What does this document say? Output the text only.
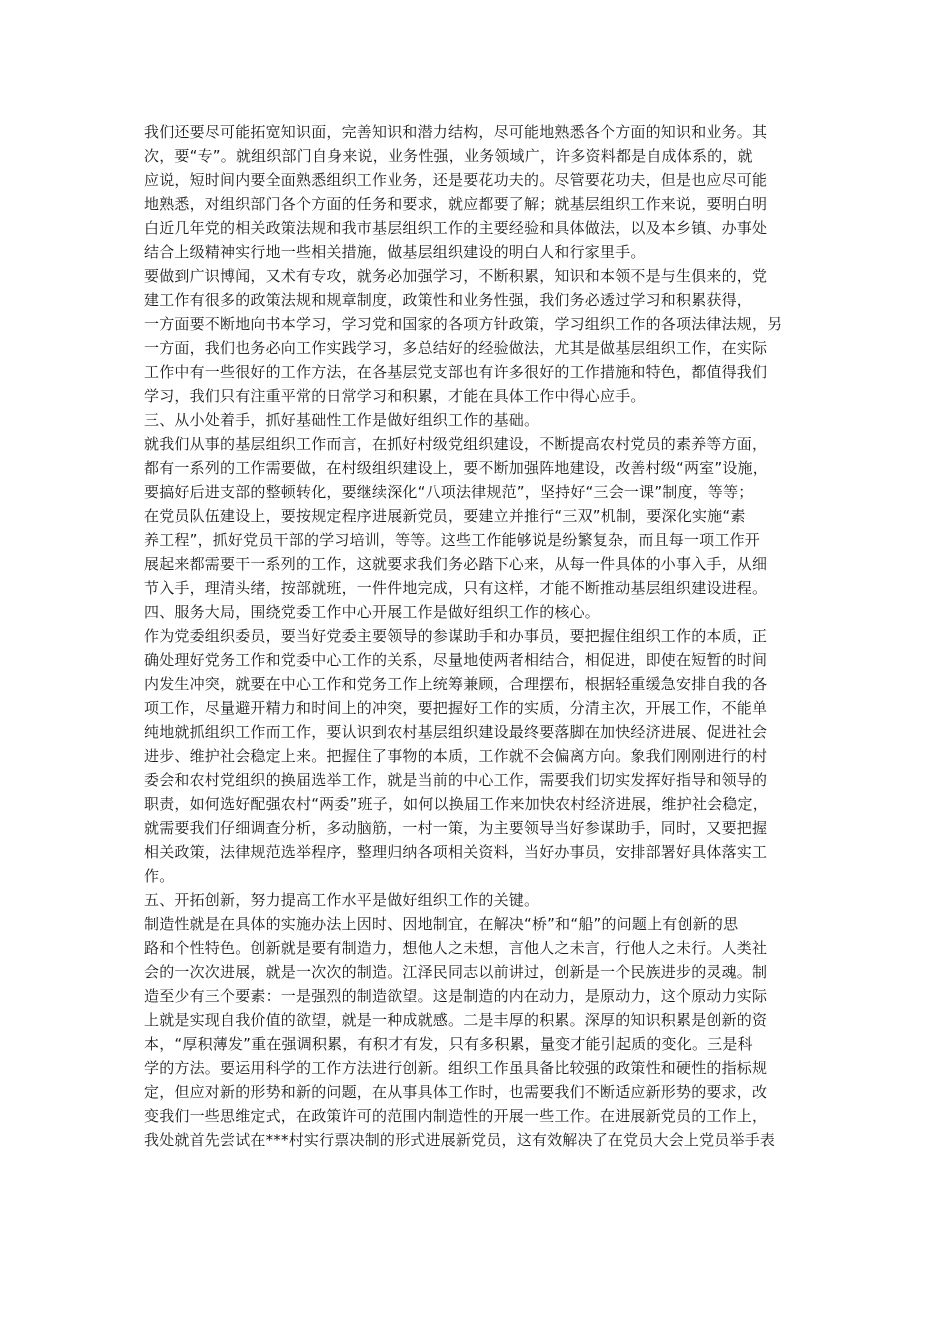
我们还要尽可能拓宽知识面，完善知识和潜力结构，尽可能地熟悉各个方面的知识和业务。其
次，要“专”。就组织部门自身来说，业务性强，业务领域广，许多资料都是自成体系的，就
应说，短时间内要全面熟悉组织工作业务，还是要花功夫的。尽管要花功夫，但是也应尽可能
地熟悉，对组织部门各个方面的任务和要求，就应都要了解；就基层组织工作来说，要明白明
白近几年党的相关政策法规和我市基层组织工作的主要经验和具体做法，以及本乡镇、办事处
结合上级精神实行地一些相关措施，做基层组织建设的明白人和行家里手。
要做到广识博闻，又术有专攻，就务必加强学习，不断积累，知识和本领不是与生俱来的，党
建工作有很多的政策法规和规章制度，政策性和业务性强，我们务必透过学习和积累获得，
一方面要不断地向书本学习，学习党和国家的各项方针政策，学习组织工作的各项法律法规，另
一方面，我们也务必向工作实践学习，多总结好的经验做法，尤其是做基层组织工作，在实际
工作中有一些很好的工作方法，在各基层党支部也有许多很好的工作措施和特色，都值得我们
学习，我们只有注重平常的日常学习和积累，才能在具体工作中得心应手。
三、从小处着手，抓好基础性工作是做好组织工作的基础。
就我们从事的基层组织工作而言，在抓好村级党组织建设，不断提高农村党员的素养等方面，
都有一系列的工作需要做，在村级组织建设上，要不断加强阵地建设，改善村级“两室”设施，
要搞好后进支部的整顿转化，要继续深化“八项法律规范”，坚持好“三会一课”制度，等等；
在党员队伍建设上，要按规定程序进展新党员，要建立并推行“三双”机制，要深化实施“素
养工程”，抓好党员干部的学习培训，等等。这些工作能够说是纷繁复杂，而且每一项工作开
展起来都需要干一系列的工作，这就要求我们务必踏下心来，从每一件具体的小事入手，从细
节入手，理清头绪，按部就班，一件件地完成，只有这样，才能不断推动基层组织建设进程。
四、服务大局，围绕党委工作中心开展工作是做好组织工作的核心。
作为党委组织委员，要当好党委主要领导的参谋助手和办事员，要把握住组织工作的本质，正
确处理好党务工作和党委中心工作的关系，尽量地使两者相结合，相促进，即使在短暂的时间
内发生冲突，就要在中心工作和党务工作上统筹兼顾，合理摆布，根据轻重缓急安排自我的各
项工作，尽量避开精力和时间上的冲突，要把握好工作的实质，分清主次，开展工作，不能单
纯地就抓组织工作而工作，要认识到农村基层组织建设最终要落脚在加快经济进展、促进社会
进步、维护社会稳定上来。把握住了事物的本质，工作就不会偏离方向。象我们刚刚进行的村
委会和农村党组织的换届选举工作，就是当前的中心工作，需要我们切实发挥好指导和领导的
职责，如何选好配强农村“两委”班子，如何以换届工作来加快农村经济进展，维护社会稳定，
就需要我们仔细调查分析，多动脑筋，一村一策，为主要领导当好参谋助手，同时，又要把握
相关政策，法律规范选举程序，整理归纳各项相关资料，当好办事员，安排部署好具体落实工
作。
五、开拓创新，努力提高工作水平是做好组织工作的关键。
制造性就是在具体的实施办法上因时、因地制宜，在解决“桥”和“船”的问题上有创新的思
路和个性特色。创新就是要有制造力，想他人之未想，言他人之未言，行他人之未行。人类社
会的一次次进展，就是一次次的制造。江泽民同志以前讲过，创新是一个民族进步的灵魂。制
造至少有三个要素：一是强烈的制造欲望。这是制造的内在动力，是原动力，这个原动力实际
上就是实现自我价值的欲望，就是一种成就感。二是丰厚的积累。深厚的知识积累是创新的资
本，“厚积薄发”重在强调积累，有积才有发，只有多积累，量变才能引起质的变化。三是科
学的方法。要运用科学的工作方法进行创新。组织工作虽具备比较强的政策性和硬性的指标规
定，但应对新的形势和新的问题，在从事具体工作时，也需要我们不断适应新形势的要求，改
变我们一些思维定式，在政策许可的范围内制造性的开展一些工作。在进展新党员的工作上，
我处就首先尝试在***村实行票决制的形式进展新党员，这有效解决了在党员大会上党员举手表
